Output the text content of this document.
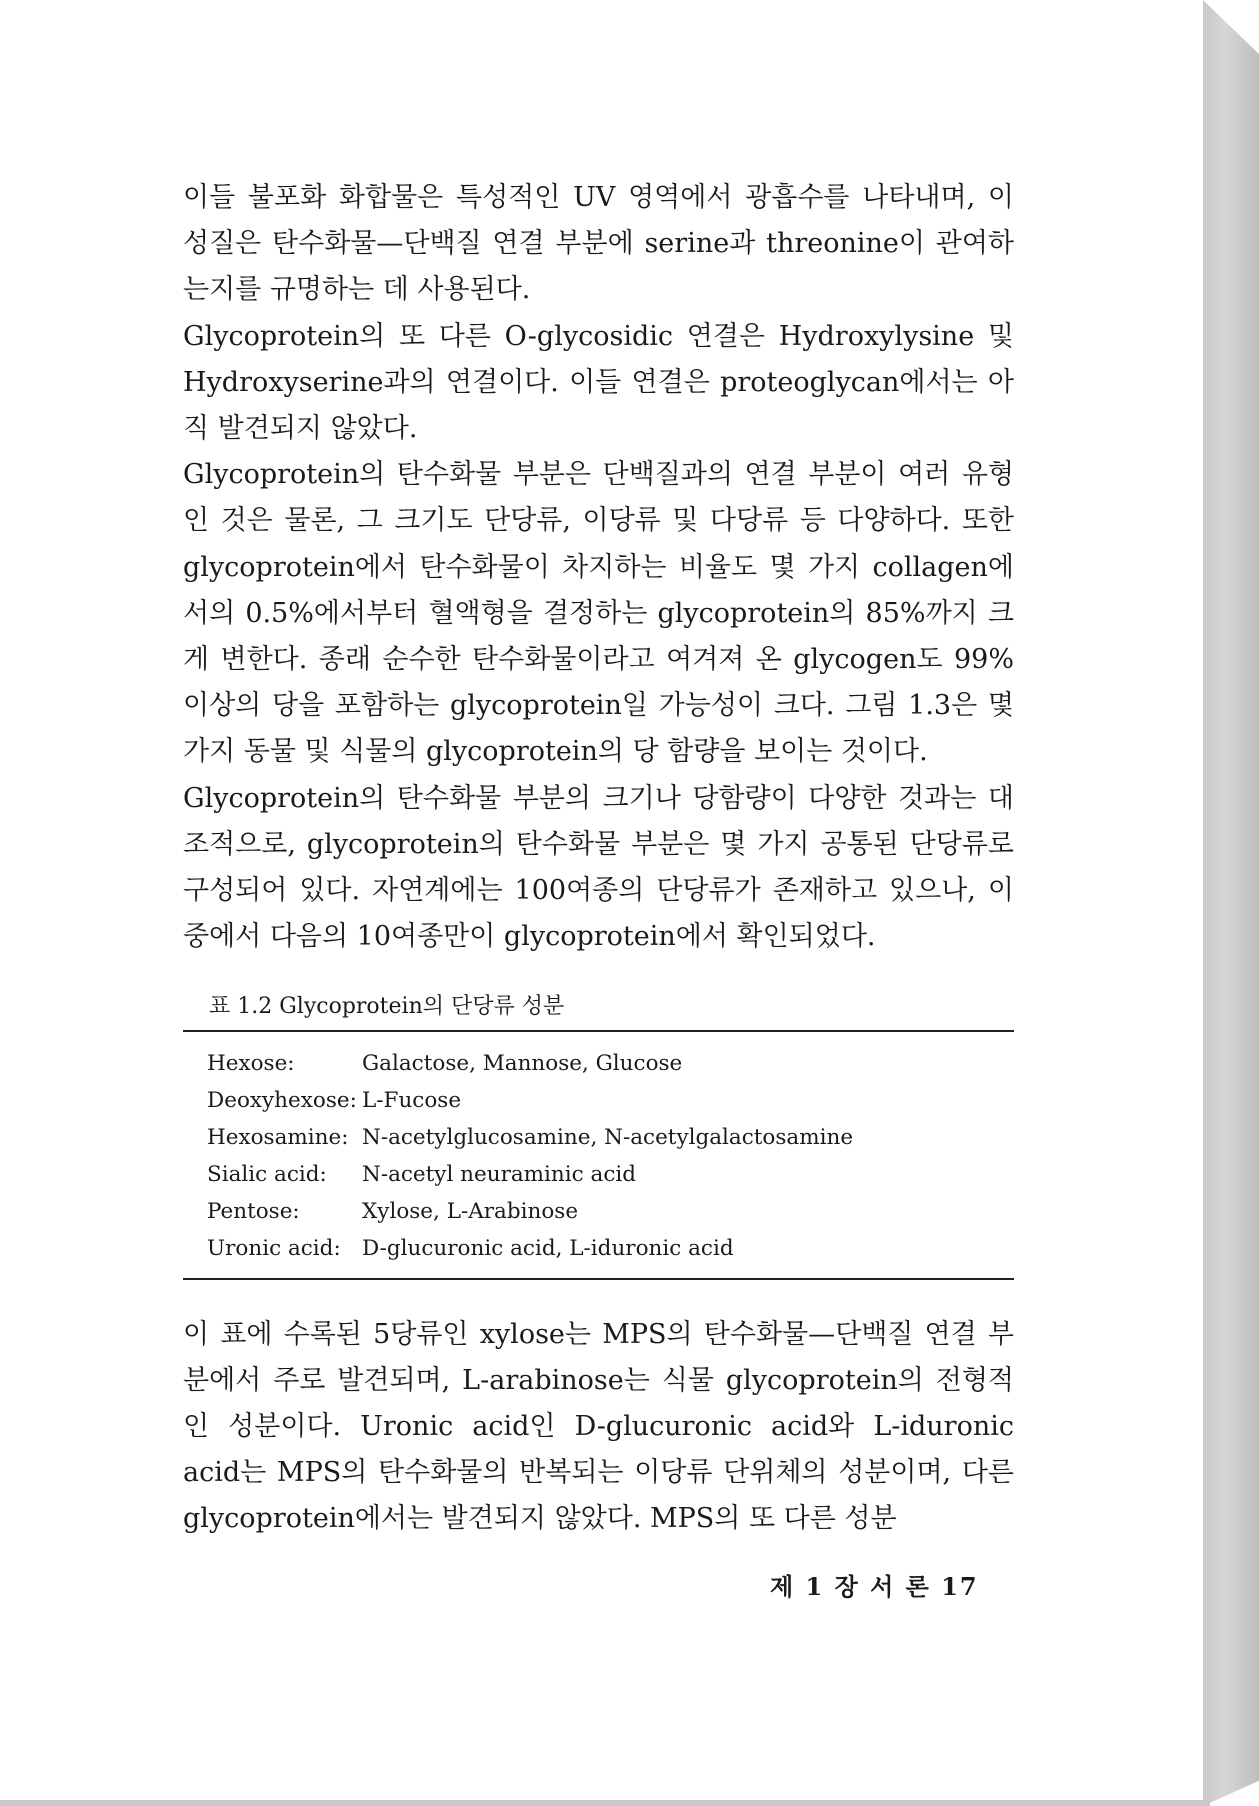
이들 불포화 화합물은 특성적인 UV 영역에서 광흡수를 나타내며, 이 성질은 탄수화물—단백질 연결 부분에 serine과 threonine이 관여하는지를 규명하는 데 사용된다.

Glycoprotein의 또 다른 O-glycosidic 연결은 Hydroxylysine 및 Hydroxyserine과의 연결이다. 이들 연결은 proteoglycan에서는 아직 발견되지 않았다.

Glycoprotein의 탄수화물 부분은 단백질과의 연결 부분이 여러 유형인 것은 물론, 그 크기도 단당류, 이당류 및 다당류 등 다양하다. 또한 glycoprotein에서 탄수화물이 차지하는 비율도 몇 가지 collagen에서의 0.5%에서부터 혈액형을 결정하는 glycoprotein의 85%까지 크게 변한다. 종래 순수한 탄수화물이라고 여겨져 온 glycogen도 99% 이상의 당을 포함하는 glycoprotein일 가능성이 크다. 그림 1.3은 몇 가지 동물 및 식물의 glycoprotein의 당 함량을 보이는 것이다.

Glycoprotein의 탄수화물 부분의 크기나 당함량이 다양한 것과는 대조적으로, glycoprotein의 탄수화물 부분은 몇 가지 공통된 단당류로 구성되어 있다. 자연계에는 100여종의 단당류가 존재하고 있으나, 이 중에서 다음의 10여종만이 glycoprotein에서 확인되었다.

표 1.2 Glycoprotein의 단당류 성분
Hexose:	Galactose, Mannose, Glucose
Deoxyhexose:	L-Fucose
Hexosamine:	N-acetylglucosamine, N-acetylgalactosamine
Sialic acid:	N-acetyl neuraminic acid
Pentose:	Xylose, L-Arabinose
Uronic acid:	D-glucuronic acid, L-iduronic acid

이 표에 수록된 5당류인 xylose는 MPS의 탄수화물—단백질 연결 부분에서 주로 발견되며, L-arabinose는 식물 glycoprotein의 전형적인 성분이다. Uronic acid인 D-glucuronic acid와 L-iduronic acid는 MPS의 탄수화물의 반복되는 이당류 단위체의 성분이며, 다른 glycoprotein에서는 발견되지 않았다. MPS의 또 다른 성분

제 1 장 서 론 17
